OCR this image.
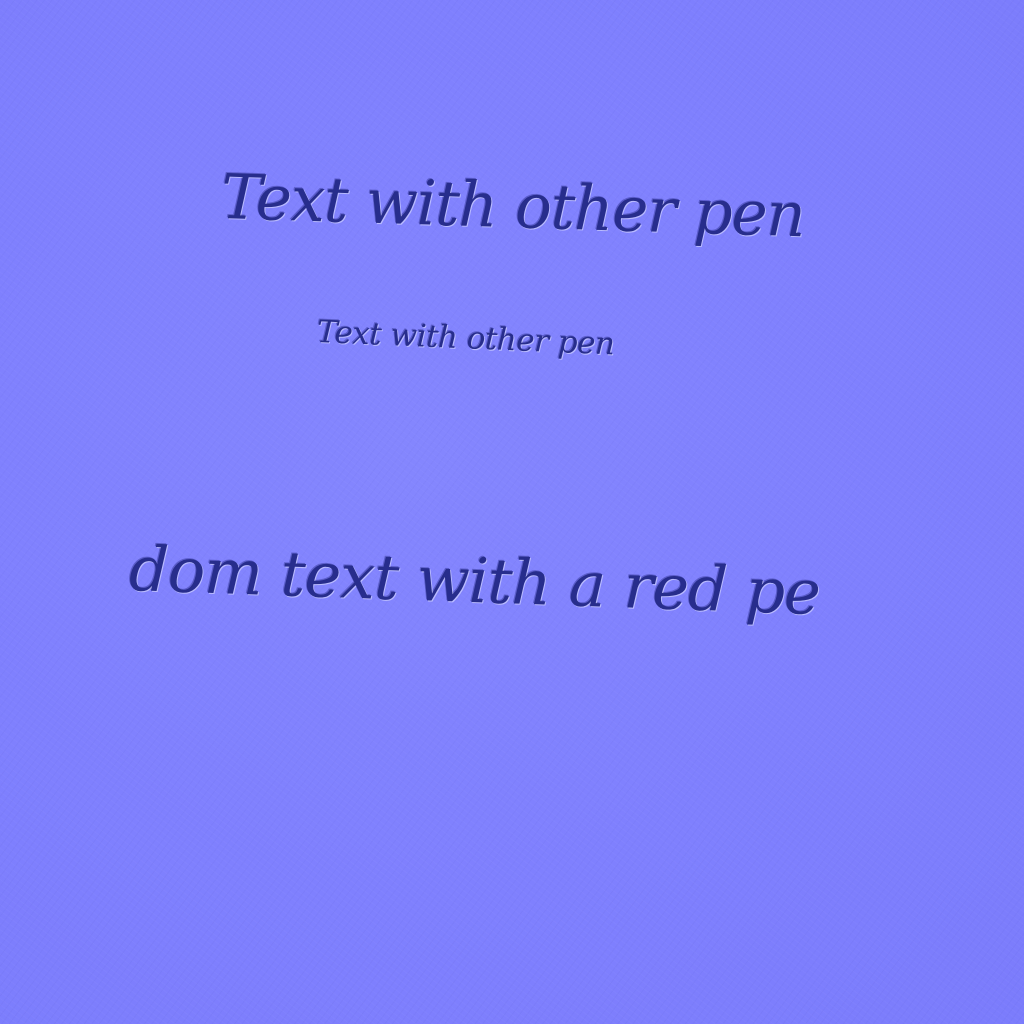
Text with other pen
Text with other pen
dom text with a red pe
